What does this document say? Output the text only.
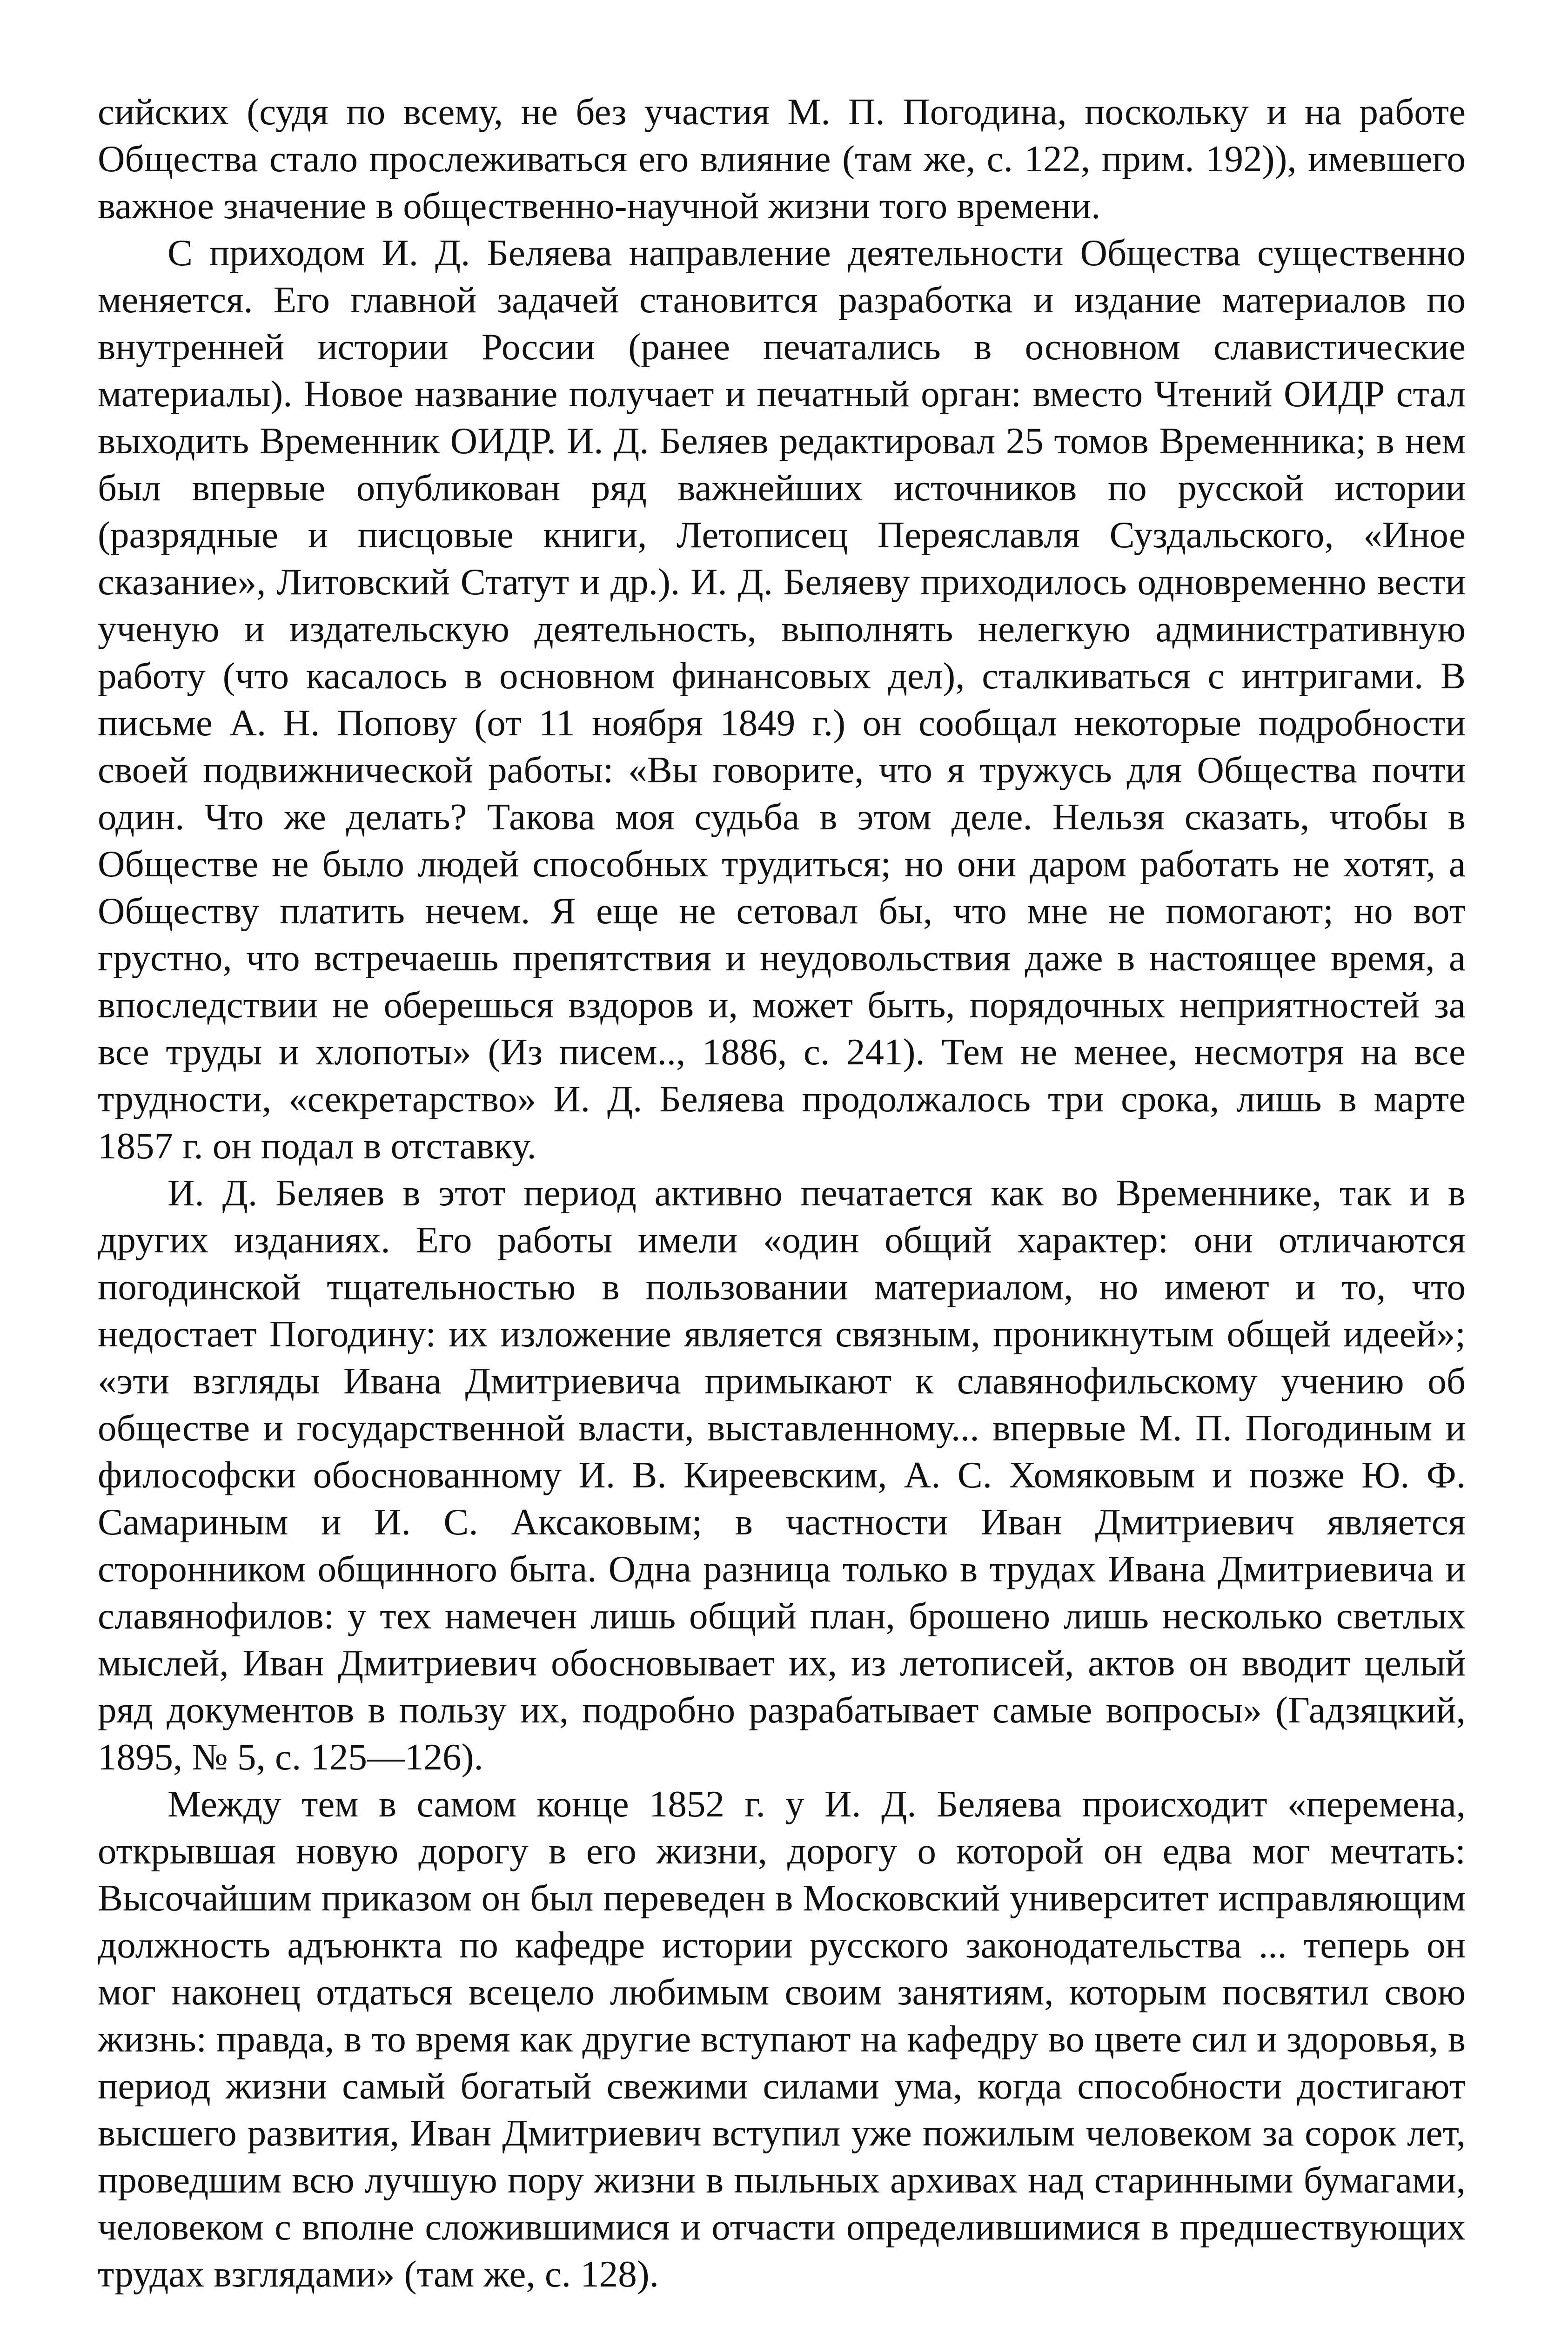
сийских (судя по всему, не без участия М. П. Погодина, поскольку и на работе Общества стало прослеживаться его влияние (там же, с. 122, прим. 192)), имевшего важное значение в общественно-научной жизни того времени.

С приходом И. Д. Беляева направление деятельности Общества существенно меняется. Его главной задачей становится разработка и издание материалов по внутренней истории России (ранее печатались в основном славистические материалы). Новое название получает и печатный орган: вместо Чтений ОИДР стал выходить Временник ОИДР. И. Д. Беляев редактировал 25 томов Временника; в нем был впервые опубликован ряд важнейших источников по русской истории (разрядные и писцовые книги, Летописец Переяславля Суздальского, «Иное сказание», Литовский Статут и др.). И. Д. Беляеву приходилось одновременно вести ученую и издательскую деятельность, выполнять нелегкую административную работу (что касалось в основном финансовых дел), сталкиваться с интригами. В письме А. Н. Попову (от 11 ноября 1849 г.) он сообщал некоторые подробности своей подвижнической работы: «Вы говорите, что я тружусь для Общества почти один. Что же делать? Такова моя судьба в этом деле. Нельзя сказать, чтобы в Обществе не было людей способных трудиться; но они даром работать не хотят, а Обществу платить нечем. Я еще не сетовал бы, что мне не помогают; но вот грустно, что встречаешь препятствия и неудовольствия даже в настоящее время, а впоследствии не оберешься вздоров и, может быть, порядочных неприятностей за все труды и хлопоты» (Из писем.., 1886, с. 241). Тем не менее, несмотря на все трудности, «секретарство» И. Д. Беляева продолжалось три срока, лишь в марте 1857 г. он подал в отставку.

И. Д. Беляев в этот период активно печатается как во Временнике, так и в других изданиях. Его работы имели «один общий характер: они отличаются погодинской тщательностью в пользовании материалом, но имеют и то, что недостает Погодину: их изложение является связным, проникнутым общей идеей»; «эти взгляды Ивана Дмитриевича примыкают к славянофильскому учению об обществе и государственной власти, выставленному... впервые М. П. Погодиным и философски обоснованному И. В. Киреевским, А. С. Хомяковым и позже Ю. Ф. Самариным и И. С. Аксаковым; в частности Иван Дмитриевич является сторонником общинного быта. Одна разница только в трудах Ивана Дмитриевича и славянофилов: у тех намечен лишь общий план, брошено лишь несколько светлых мыслей, Иван Дмитриевич обосновывает их, из летописей, актов он вводит целый ряд документов в пользу их, подробно разрабатывает самые вопросы» (Гадзяцкий, 1895, № 5, с. 125—126).

Между тем в самом конце 1852 г. у И. Д. Беляева происходит «перемена, открывшая новую дорогу в его жизни, дорогу о которой он едва мог мечтать: Высочайшим приказом он был переведен в Московский университет исправляющим должность адъюнкта по кафедре истории русского законодательства ... теперь он мог наконец отдаться всецело любимым своим занятиям, которым посвятил свою жизнь: правда, в то время как другие вступают на кафедру во цвете сил и здоровья, в период жизни самый богатый свежими силами ума, когда способности достигают высшего развития, Иван Дмитриевич вступил уже пожилым человеком за сорок лет, проведшим всю лучшую пору жизни в пыльных архивах над старинными бумагами, человеком с вполне сложившимися и отчасти определившимися в предшествующих трудах взглядами» (там же, с. 128).
